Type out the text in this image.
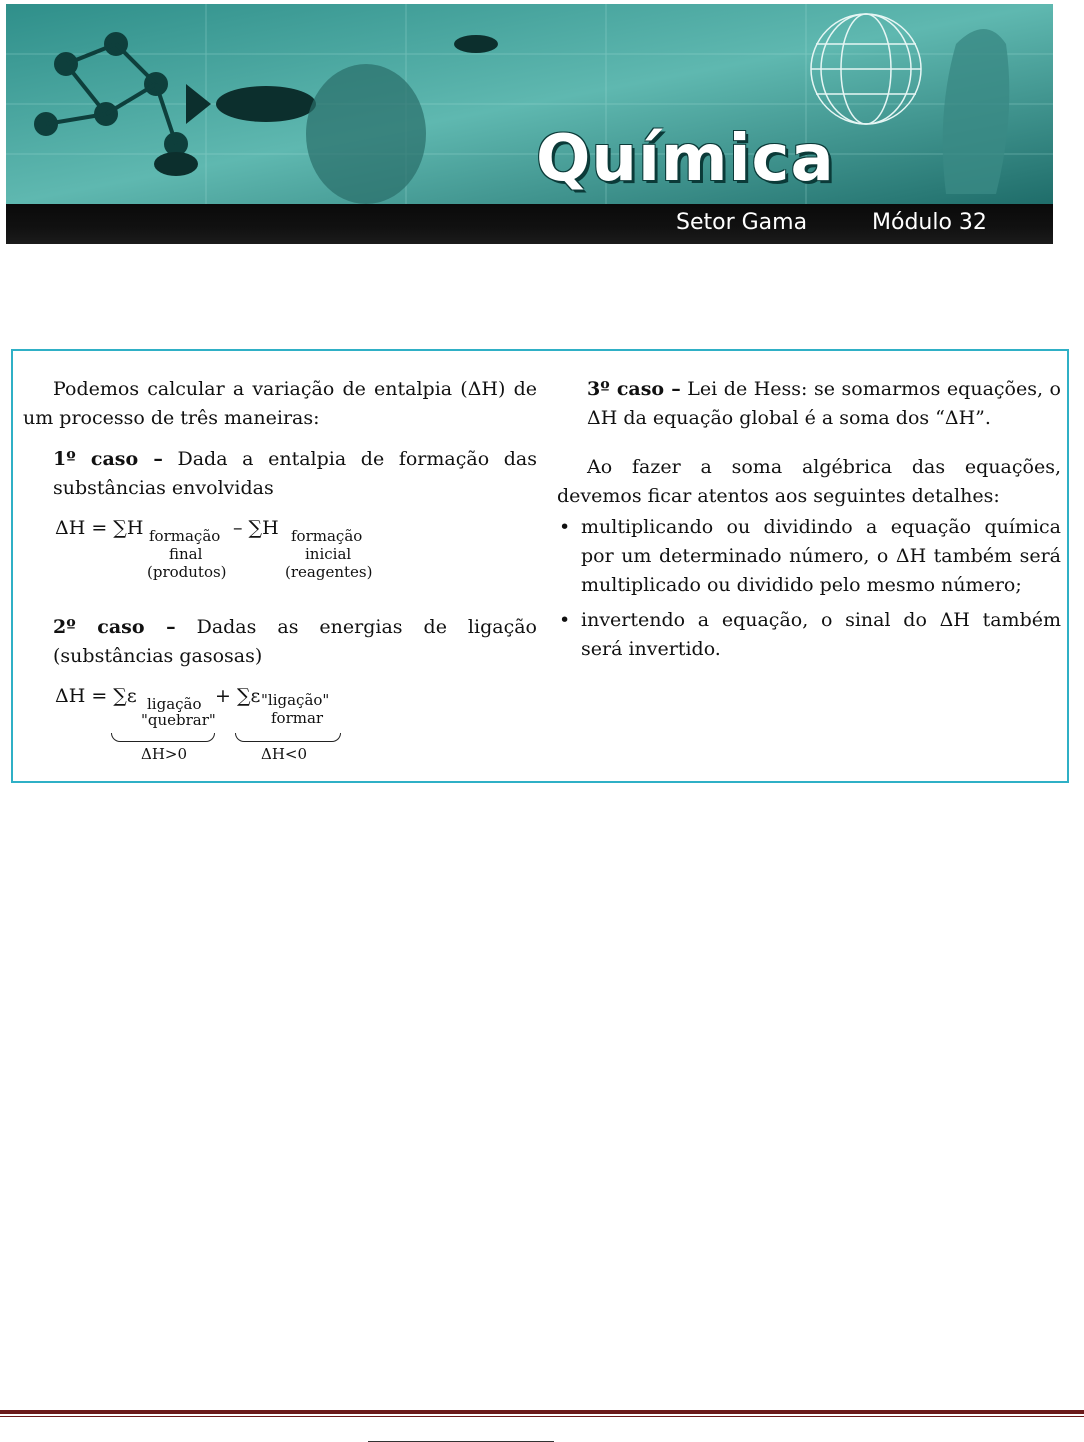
Química
Setor Gama	Módulo 32

Podemos calcular a variação de entalpia (ΔH) de um processo de três maneiras:

1º caso – Dada a entalpia de formação das substâncias envolvidas

ΔH = ∑H formação
final
(produtos)
– ∑H formação
inicial
(reagentes)

2º caso – Dadas as energias de ligação (substâncias gasosas)

ΔH = ∑ε ligação
"quebrar"
ΔH>0
+ ∑ε "ligação"
formar
ΔH<0

3º caso – Lei de Hess: se somarmos equações, o ΔH da equação global é a soma dos “ΔH”.

Ao fazer a soma algébrica das equações, devemos ficar atentos aos seguintes detalhes:

• multiplicando ou dividindo a equação química por um determinado número, o ΔH também será multiplicado ou dividido pelo mesmo número;
• invertendo a equação, o sinal do ΔH também será invertido.
